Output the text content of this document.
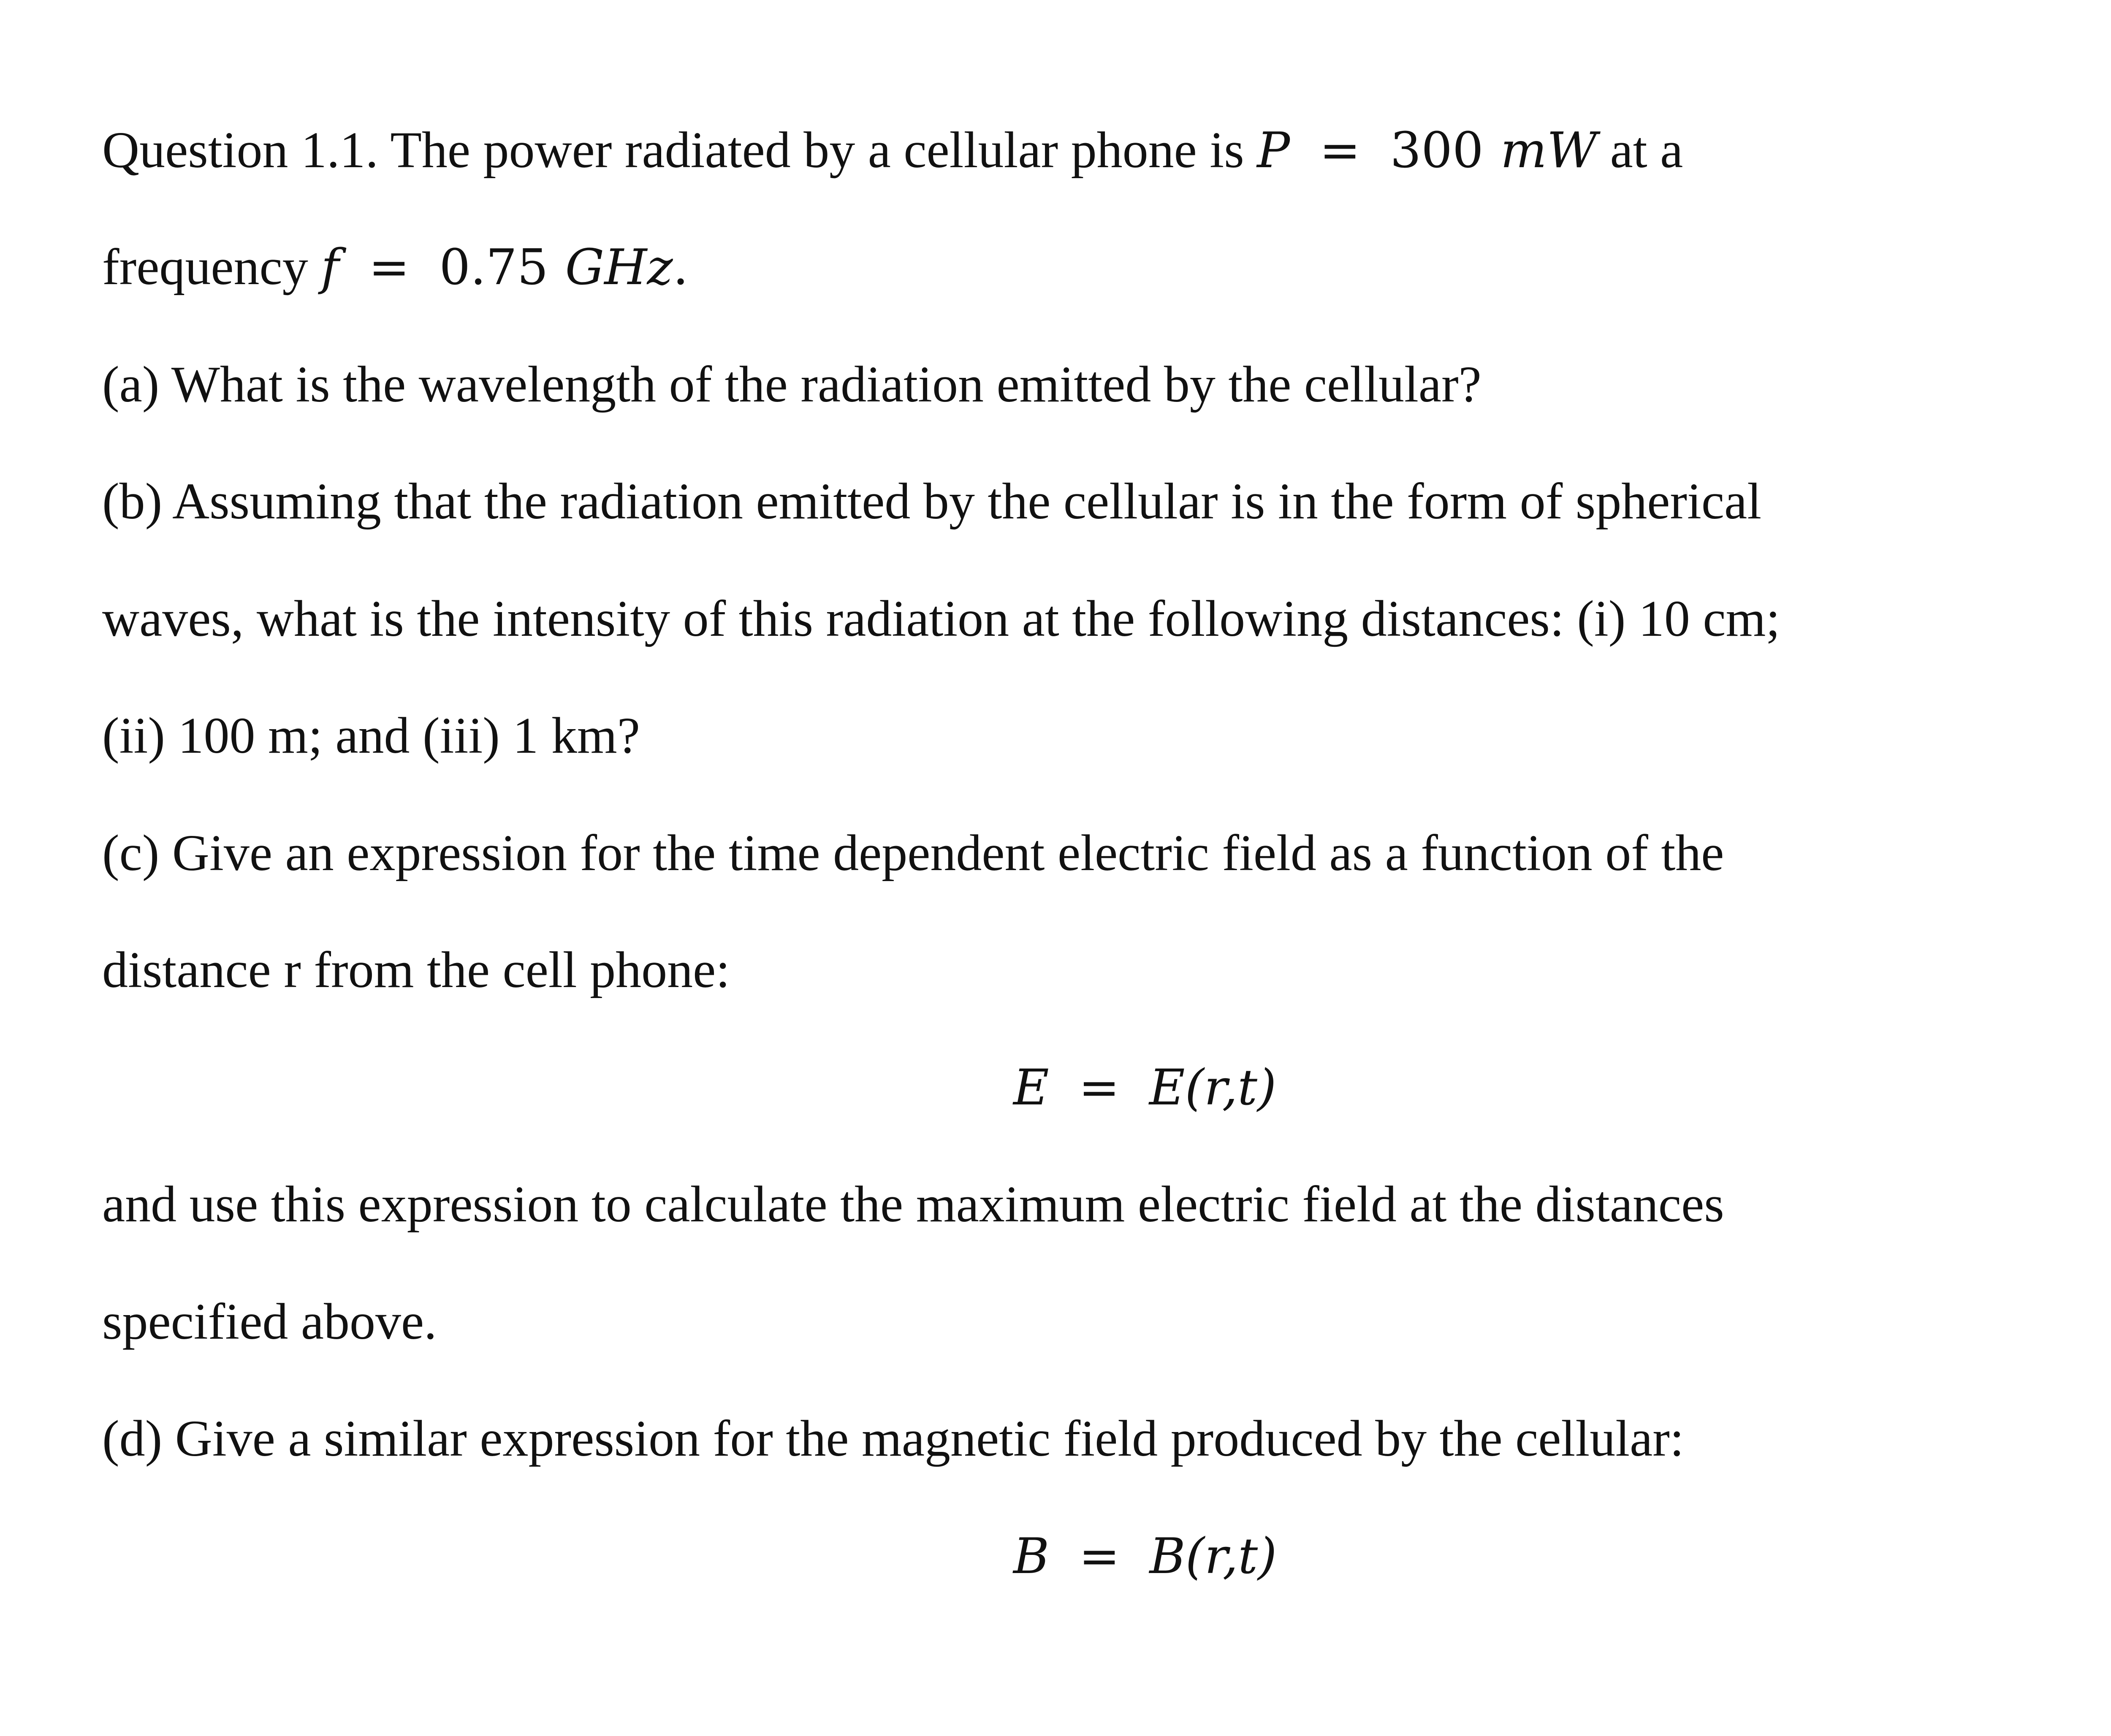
Question 1.1. The power radiated by a cellular phone is P = 300 mW at a
frequency f = 0.75 GHz.
(a) What is the wavelength of the radiation emitted by the cellular?
(b) Assuming that the radiation emitted by the cellular is in the form of spherical
waves, what is the intensity of this radiation at the following distances: (i) 10 cm;
(ii) 100 m; and (iii) 1 km?
(c) Give an expression for the time dependent electric field as a function of the
distance r from the cell phone:
E = E(r,t)
and use this expression to calculate the maximum electric field at the distances
specified above.
(d) Give a similar expression for the magnetic field produced by the cellular:
B = B(r,t)
